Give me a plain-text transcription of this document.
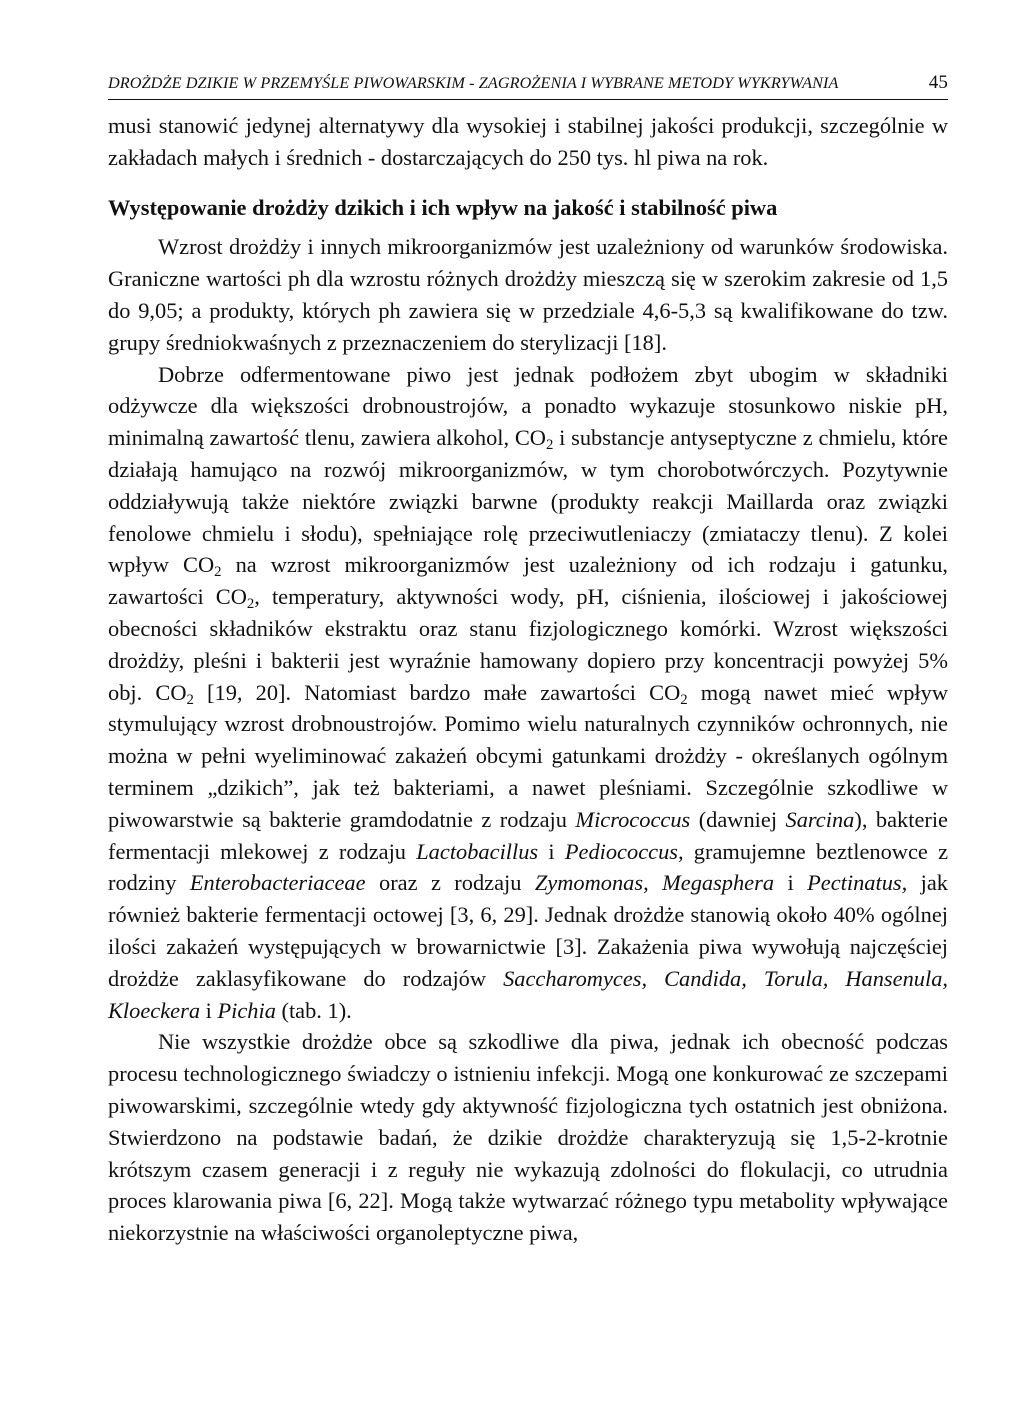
DROŻDŻE DZIKIE W PRZEMYŚLE PIWOWARSKIM - ZAGROŻENIA I WYBRANE METODY WYKRYWANIA	45

musi stanowić jedynej alternatywy dla wysokiej i stabilnej jakości produkcji, szczególnie w zakładach małych i średnich - dostarczających do 250 tys. hl piwa na rok.

Występowanie drożdży dzikich i ich wpływ na jakość i stabilność piwa

Wzrost drożdży i innych mikroorganizmów jest uzależniony od warunków środowiska. Graniczne wartości ph dla wzrostu różnych drożdży mieszczą się w szerokim zakresie od 1,5 do 9,05; a produkty, których ph zawiera się w przedziale 4,6-5,3 są kwalifikowane do tzw. grupy średniokwaśnych z przeznaczeniem do sterylizacji [18].

Dobrze odfermentowane piwo jest jednak podłożem zbyt ubogim w składniki odżywcze dla większości drobnoustrojów, a ponadto wykazuje stosunkowo niskie pH, minimalną zawartość tlenu, zawiera alkohol, $CO_2$ i substancje antyseptyczne z chmielu, które działają hamująco na rozwój mikroorganizmów, w tym chorobotwórczych. Pozytywnie oddziaływują także niektóre związki barwne (produkty reakcji Maillarda oraz związki fenolowe chmielu i słodu), spełniające rolę przeciwutleniaczy (zmiataczy tlenu). Z kolei wpływ $CO_2$ na wzrost mikroorganizmów jest uzależniony od ich rodzaju i gatunku, zawartości $CO_2$, temperatury, aktywności wody, pH, ciśnienia, ilościowej i jakościowej obecności składników ekstraktu oraz stanu fizjologicznego komórki. Wzrost większości drożdży, pleśni i bakterii jest wyraźnie hamowany dopiero przy koncentracji powyżej 5% obj. $CO_2$ [19, 20]. Natomiast bardzo małe zawartości $CO_2$ mogą nawet mieć wpływ stymulujący wzrost drobnoustrojów. Pomimo wielu naturalnych czynników ochronnych, nie można w pełni wyeliminować zakażeń obcymi gatunkami drożdży - określanych ogólnym terminem „dzikich”, jak też bakteriami, a nawet pleśniami. Szczególnie szkodliwe w piwowarstwie są bakterie gramdodatnie z rodzaju Micrococcus (dawniej Sarcina), bakterie fermentacji mlekowej z rodzaju Lactobacillus i Pediococcus, gramujemne beztlenowce z rodziny Enterobacteriaceae oraz z rodzaju Zymomonas, Megasphera i Pectinatus, jak również bakterie fermentacji octowej [3, 6, 29]. Jednak drożdże stanowią około 40% ogólnej ilości zakażeń występujących w browarnictwie [3]. Zakażenia piwa wywołują najczęściej drożdże zaklasyfikowane do rodzajów Saccharomyces, Candida, Torula, Hansenula, Kloeckera i Pichia (tab. 1).

Nie wszystkie drożdże obce są szkodliwe dla piwa, jednak ich obecność podczas procesu technologicznego świadczy o istnieniu infekcji. Mogą one konkurować ze szczepami piwowarskimi, szczególnie wtedy gdy aktywność fizjologiczna tych ostatnich jest obniżona. Stwierdzono na podstawie badań, że dzikie drożdże charakteryzują się 1,5-2-krotnie krótszym czasem generacji i z reguły nie wykazują zdolności do flokulacji, co utrudnia proces klarowania piwa [6, 22]. Mogą także wytwarzać różnego typu metabolity wpływające niekorzystnie na właściwości organoleptyczne piwa,
